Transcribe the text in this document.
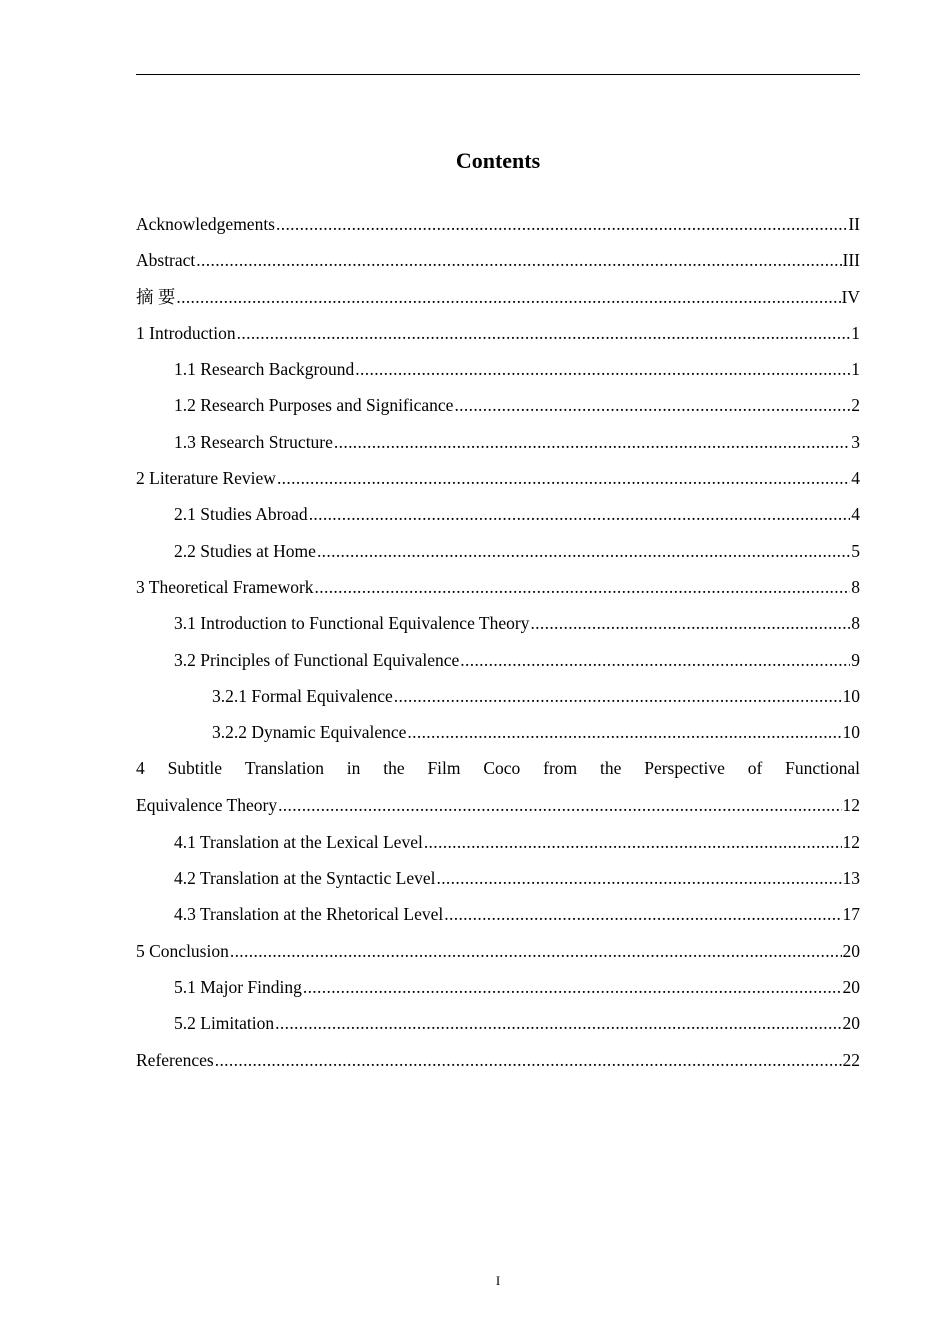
Contents
Acknowledgements .....	II
Abstract .....	III
摘 要 .....	IV
1 Introduction .....	1
1.1 Research Background .....	1
1.2 Research Purposes and Significance .....	2
1.3 Research Structure .....	3
2 Literature Review .....	4
2.1 Studies Abroad .....	4
2.2 Studies at Home .....	5
3 Theoretical Framework .....	8
3.1 Introduction to Functional Equivalence Theory .....	8
3.2 Principles of Functional Equivalence .....	9
3.2.1 Formal Equivalence .....	10
3.2.2 Dynamic Equivalence .....	10
4 Subtitle Translation in the Film Coco from the Perspective of Functional
Equivalence Theory .....	12
4.1 Translation at the Lexical Level .....	12
4.2 Translation at the Syntactic Level .....	13
4.3 Translation at the Rhetorical Level .....	17
5 Conclusion .....	20
5.1 Major Finding .....	20
5.2 Limitation .....	20
References .....	22
I
